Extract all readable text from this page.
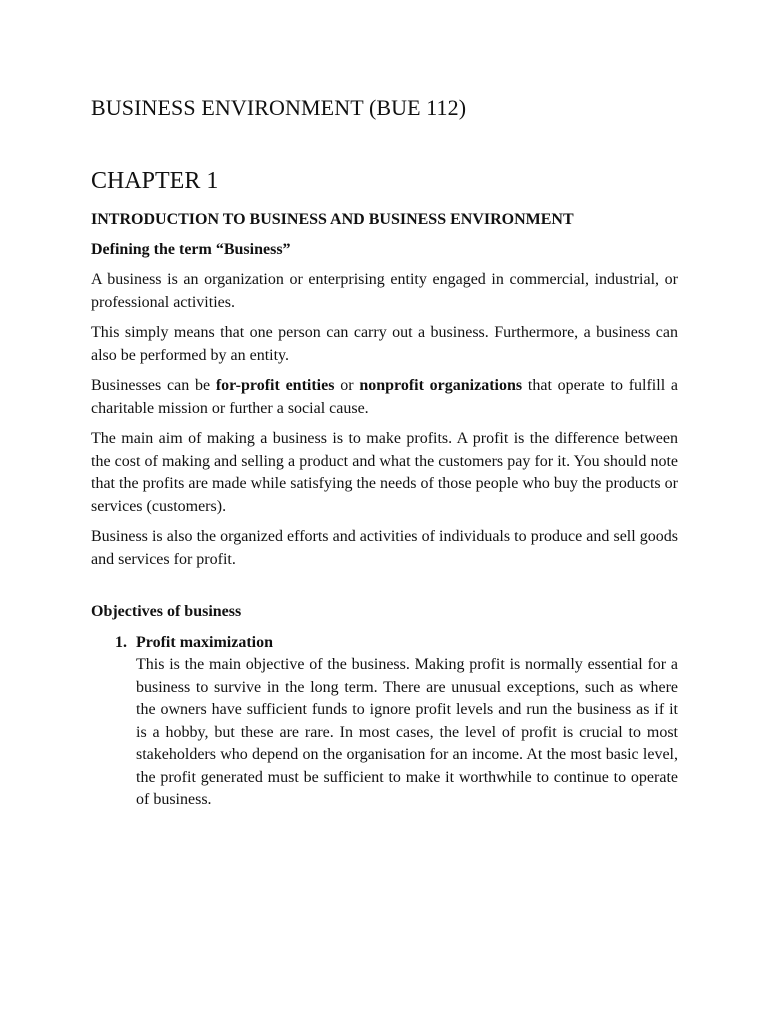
BUSINESS ENVIRONMENT (BUE 112)
CHAPTER 1

INTRODUCTION TO BUSINESS AND BUSINESS ENVIRONMENT

Defining the term “Business”

A business is an organization or enterprising entity engaged in commercial, industrial, or professional activities.

This simply means that one person can carry out a business. Furthermore, a business can also be performed by an entity.

Businesses can be for-profit entities or nonprofit organizations that operate to fulfill a charitable mission or further a social cause.

The main aim of making a business is to make profits. A profit is the difference between the cost of making and selling a product and what the customers pay for it. You should note that the profits are made while satisfying the needs of those people who buy the products or services (customers).

Business is also the organized efforts and activities of individuals to produce and sell goods and services for profit.

Objectives of business

1. Profit maximization

This is the main objective of the business. Making profit is normally essential for a business to survive in the long term. There are unusual exceptions, such as where the owners have sufficient funds to ignore profit levels and run the business as if it is a hobby, but these are rare. In most cases, the level of profit is crucial to most stakeholders who depend on the organisation for an income. At the most basic level, the profit generated must be sufficient to make it worthwhile to continue to operate of business.
